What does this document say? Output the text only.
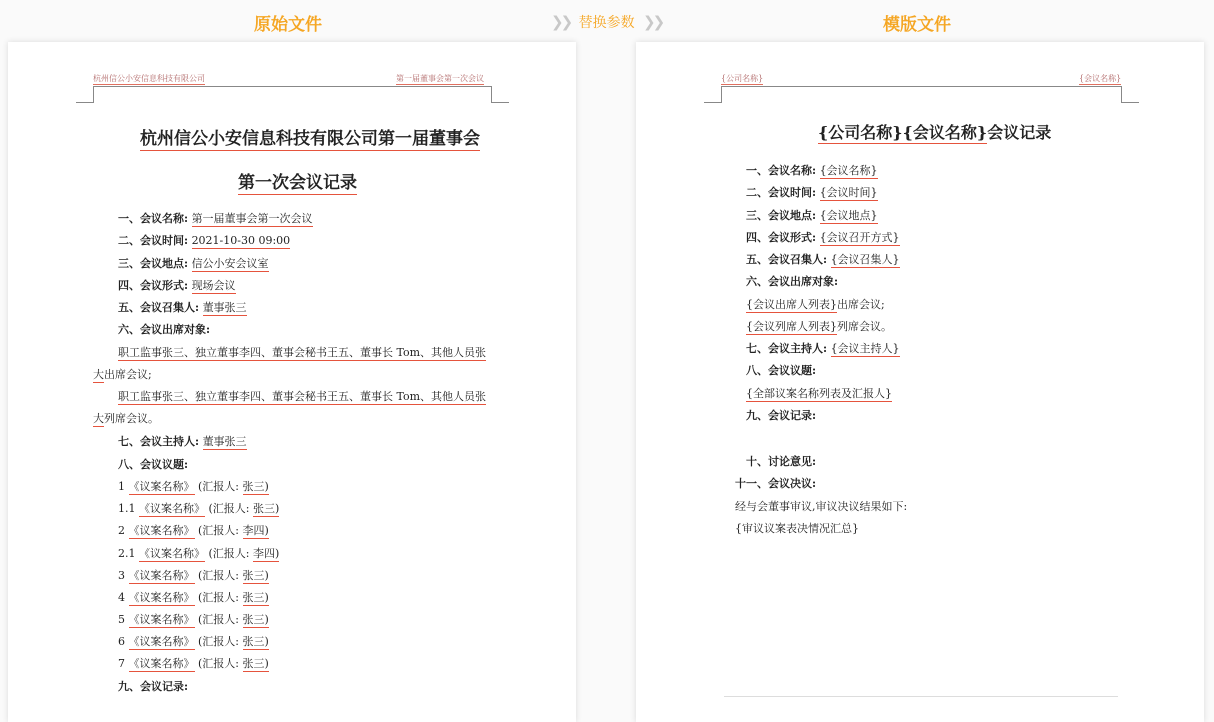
原始文件	❯❯ 替换参数 ❯❯	模版文件
杭州信公小安信息科技有限公司	第一届董事会第一次会议
杭州信公小安信息科技有限公司第一届董事会
第一次会议记录
一、会议名称: 第一届董事会第一次会议
二、会议时间: 2021-10-30 09:00
三、会议地点: 信公小安会议室
四、会议形式: 现场会议
五、会议召集人: 董事张三
六、会议出席对象:
职工监事张三、独立董事李四、董事会秘书王五、董事长 Tom、其他人员张
大出席会议;
职工监事张三、独立董事李四、董事会秘书王五、董事长 Tom、其他人员张
大列席会议。
七、会议主持人: 董事张三
八、会议议题:
1 《议案名称》 (汇报人: 张三)
1.1 《议案名称》 (汇报人: 张三)
2 《议案名称》 (汇报人: 李四)
2.1 《议案名称》 (汇报人: 李四)
3 《议案名称》 (汇报人: 张三)
4 《议案名称》 (汇报人: 张三)
5 《议案名称》 (汇报人: 张三)
6 《议案名称》 (汇报人: 张三)
7 《议案名称》 (汇报人: 张三)
九、会议记录:
{公司名称}	{会议名称}
{公司名称}{会议名称}会议记录
一、会议名称: {会议名称}
二、会议时间: {会议时间}
三、会议地点: {会议地点}
四、会议形式: {会议召开方式}
五、会议召集人: {会议召集人}
六、会议出席对象:
{会议出席人列表}出席会议;
{会议列席人列表}列席会议。
七、会议主持人: {会议主持人}
八、会议议题:
{全部议案名称列表及汇报人}
九、会议记录:
十、讨论意见:
十一、会议决议:
经与会董事审议,审议决议结果如下:
{审议议案表决情况汇总}
